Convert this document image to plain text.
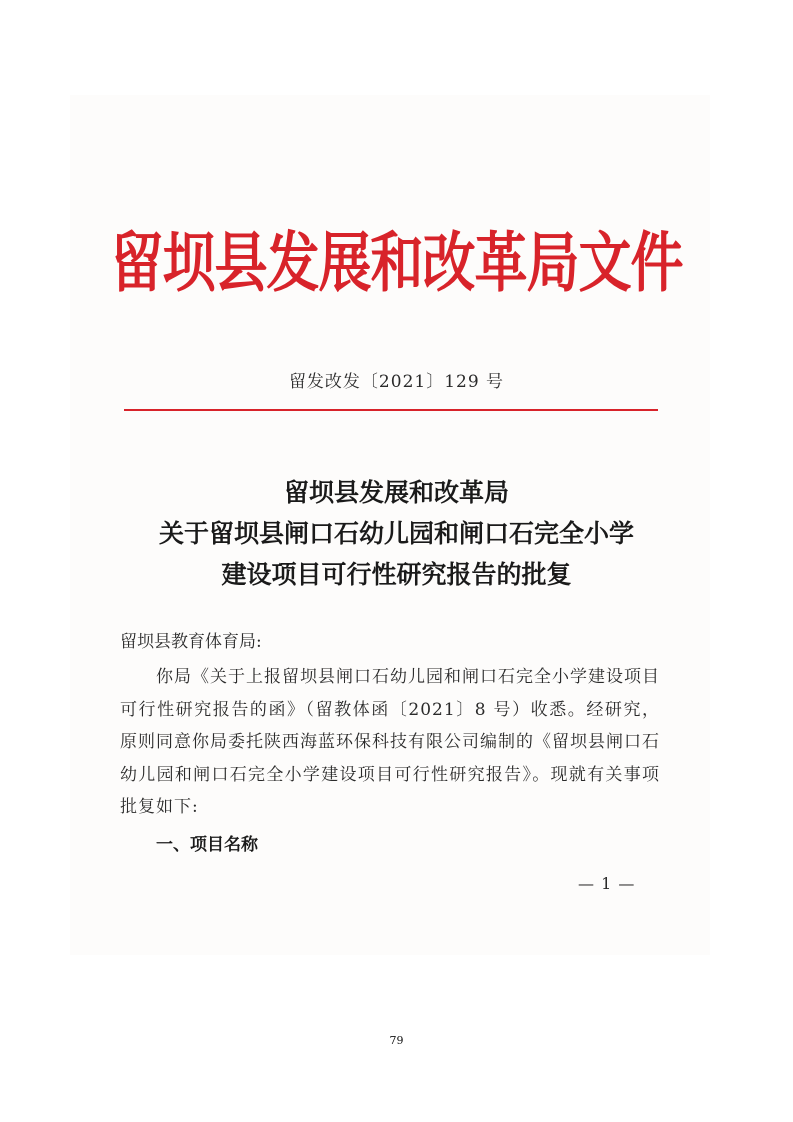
留坝县发展和改革局文件
留发改发〔2021〕129 号
留坝县发展和改革局
关于留坝县闸口石幼儿园和闸口石完全小学
建设项目可行性研究报告的批复
留坝县教育体育局:
你局《关于上报留坝县闸口石幼儿园和闸口石完全小学建设项目可行性研究报告的函》（留教体函〔2021〕8 号）收悉。经研究，原则同意你局委托陕西海蓝环保科技有限公司编制的《留坝县闸口石幼儿园和闸口石完全小学建设项目可行性研究报告》。现就有关事项批复如下:
一、项目名称
— 1 —
79
